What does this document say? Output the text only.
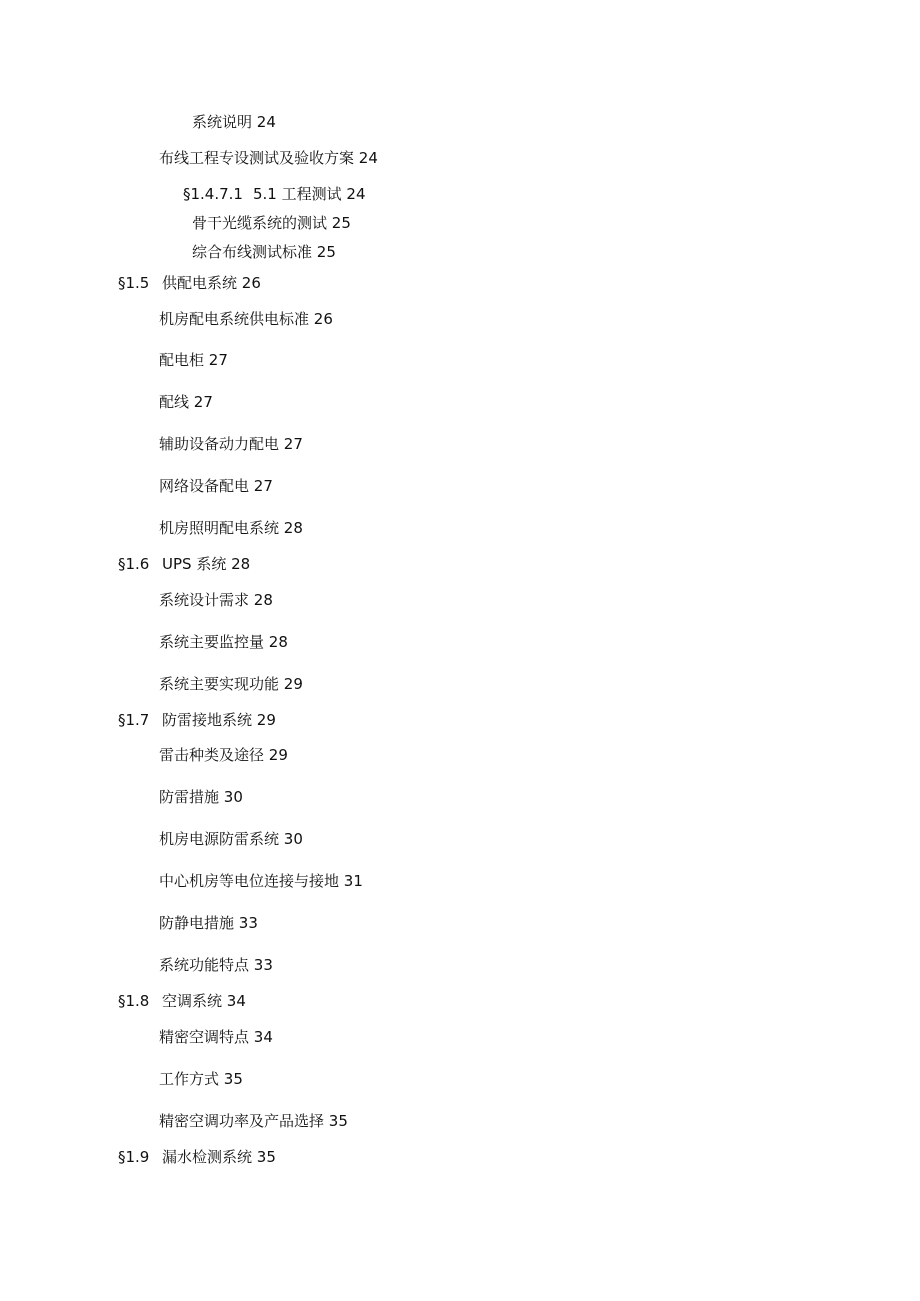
系统说明 24
布线工程专设测试及验收方案 24
§1.4.7.1 5.1 工程测试 24
骨干光缆系统的测试 25
综合布线测试标准 25
§1.5 供配电系统 26
机房配电系统供电标准 26
配电柜 27
配线 27
辅助设备动力配电 27
网络设备配电 27
机房照明配电系统 28
§1.6 UPS 系统 28
系统设计需求 28
系统主要监控量 28
系统主要实现功能 29
§1.7 防雷接地系统 29
雷击种类及途径 29
防雷措施 30
机房电源防雷系统 30
中心机房等电位连接与接地 31
防静电措施 33
系统功能特点 33
§1.8 空调系统 34
精密空调特点 34
工作方式 35
精密空调功率及产品选择 35
§1.9 漏水检测系统 35
